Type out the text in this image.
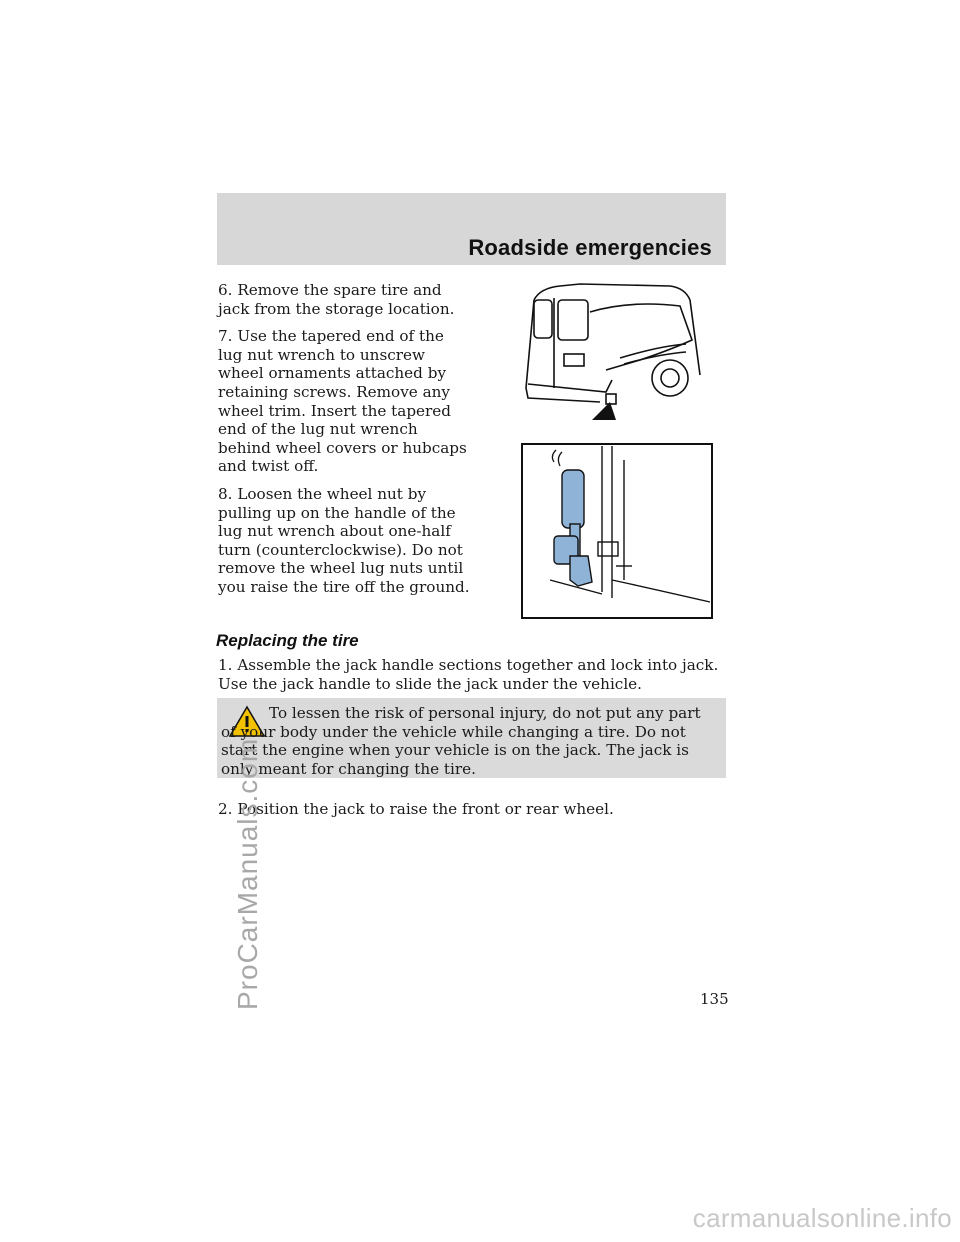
Roadside emergencies

6. Remove the spare tire and jack from the storage location.

7. Use the tapered end of the lug nut wrench to unscrew wheel ornaments attached by retaining screws. Remove any wheel trim. Insert the tapered end of the lug nut wrench behind wheel covers or hubcaps and twist off.

8. Loosen the wheel nut by pulling up on the handle of the lug nut wrench about one-half turn (counterclockwise). Do not remove the wheel lug nuts until you raise the tire off the ground.

Replacing the tire

1. Assemble the jack handle sections together and lock into jack. Use the jack handle to slide the jack under the vehicle.

To lessen the risk of personal injury, do not put any part of your body under the vehicle while changing a tire. Do not start the engine when your vehicle is on the jack. The jack is only meant for changing the tire.

2. Position the jack to raise the front or rear wheel.

135
ProCarManuals.com
carmanualsonline.info
